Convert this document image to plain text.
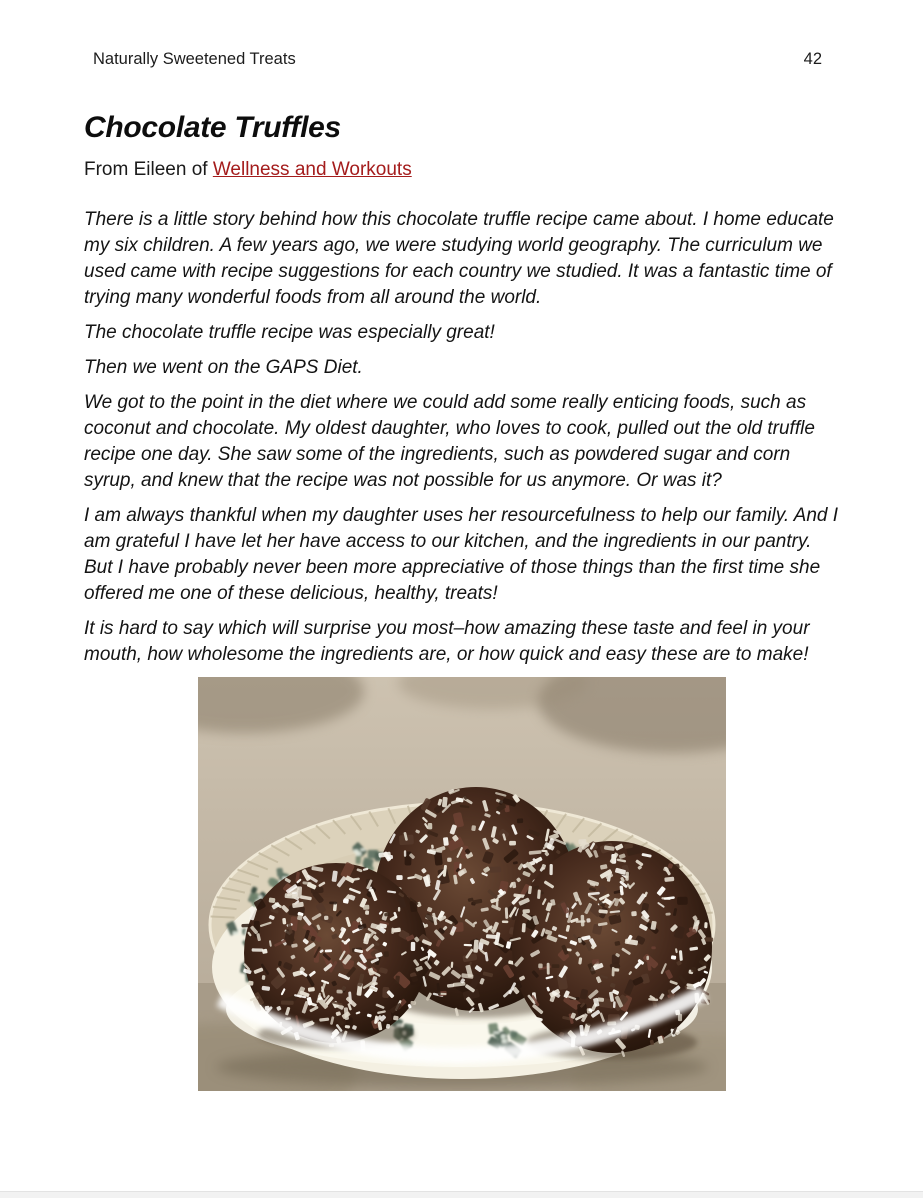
Naturally Sweetened Treats	42
Chocolate Truffles

From Eileen of Wellness and Workouts

There is a little story behind how this chocolate truffle recipe came about. I home educate my six children. A few years ago, we were studying world geography. The curriculum we used came with recipe suggestions for each country we studied. It was a fantastic time of trying many wonderful foods from all around the world.

The chocolate truffle recipe was especially great!

Then we went on the GAPS Diet.

We got to the point in the diet where we could add some really enticing foods, such as coconut and chocolate. My oldest daughter, who loves to cook, pulled out the old truffle recipe one day. She saw some of the ingredients, such as powdered sugar and corn syrup, and knew that the recipe was not possible for us anymore. Or was it?

I am always thankful when my daughter uses her resourcefulness to help our family. And I am grateful I have let her have access to our kitchen, and the ingredients in our pantry. But I have probably never been more appreciative of those things than the first time she offered me one of these delicious, healthy, treats!

It is hard to say which will surprise you most–how amazing these taste and feel in your mouth, how wholesome the ingredients are, or how quick and easy these are to make!
